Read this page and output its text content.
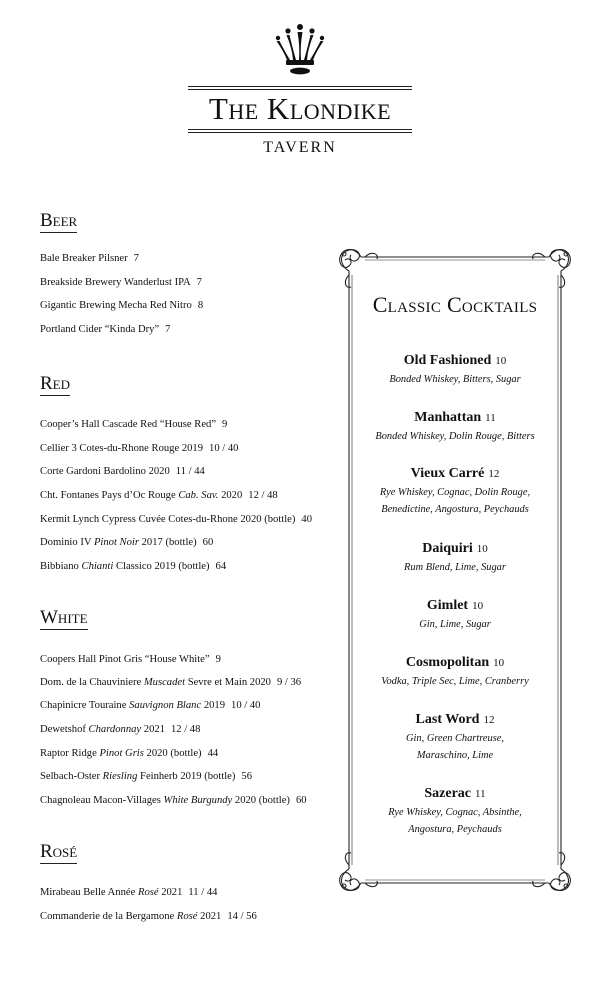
The Klondike
TAVERN
Beer
Bale Breaker Pilsner 7
Breakside Brewery Wanderlust IPA 7
Gigantic Brewing Mecha Red Nitro 8
Portland Cider “Kinda Dry” 7
Red
Cooper’s Hall Cascade Red “House Red” 9
Cellier 3 Cotes-du-Rhone Rouge 2019 10 / 40
Corte Gardoni Bardolino 2020 11 / 44
Cht. Fontanes Pays d’Oc Rouge Cab. Sav. 2020 12 / 48
Kermit Lynch Cypress Cuvée Cotes-du-Rhone 2020 (bottle) 40
Dominio IV Pinot Noir 2017 (bottle) 60
Bibbiano Chianti Classico 2019 (bottle) 64
White
Coopers Hall Pinot Gris “House White” 9
Dom. de la Chauviniere Muscadet Sevre et Main 2020 9 / 36
Chapinicre Touraine Sauvignon Blanc 2019 10 / 40
Dewetshof Chardonnay 2021 12 / 48
Raptor Ridge Pinot Gris 2020 (bottle) 44
Selbach-Oster Riesling Feinherb 2019 (bottle) 56
Chagnoleau Macon-Villages White Burgundy 2020 (bottle) 60
Rosé
Mirabeau Belle Année Rosé 2021 11 / 44
Commanderie de la Bergamone Rosé 2021 14 / 56
Classic Cocktails
Old Fashioned 10
Bonded Whiskey, Bitters, Sugar
Manhattan 11
Bonded Whiskey, Dolin Rouge, Bitters
Vieux Carré 12
Rye Whiskey, Cognac, Dolin Rouge,
Benedictine, Angostura, Peychauds
Daiquiri 10
Rum Blend, Lime, Sugar
Gimlet 10
Gin, Lime, Sugar
Cosmopolitan 10
Vodka, Triple Sec, Lime, Cranberry
Last Word 12
Gin, Green Chartreuse,
Maraschino, Lime
Sazerac 11
Rye Whiskey, Cognac, Absinthe,
Angostura, Peychauds
